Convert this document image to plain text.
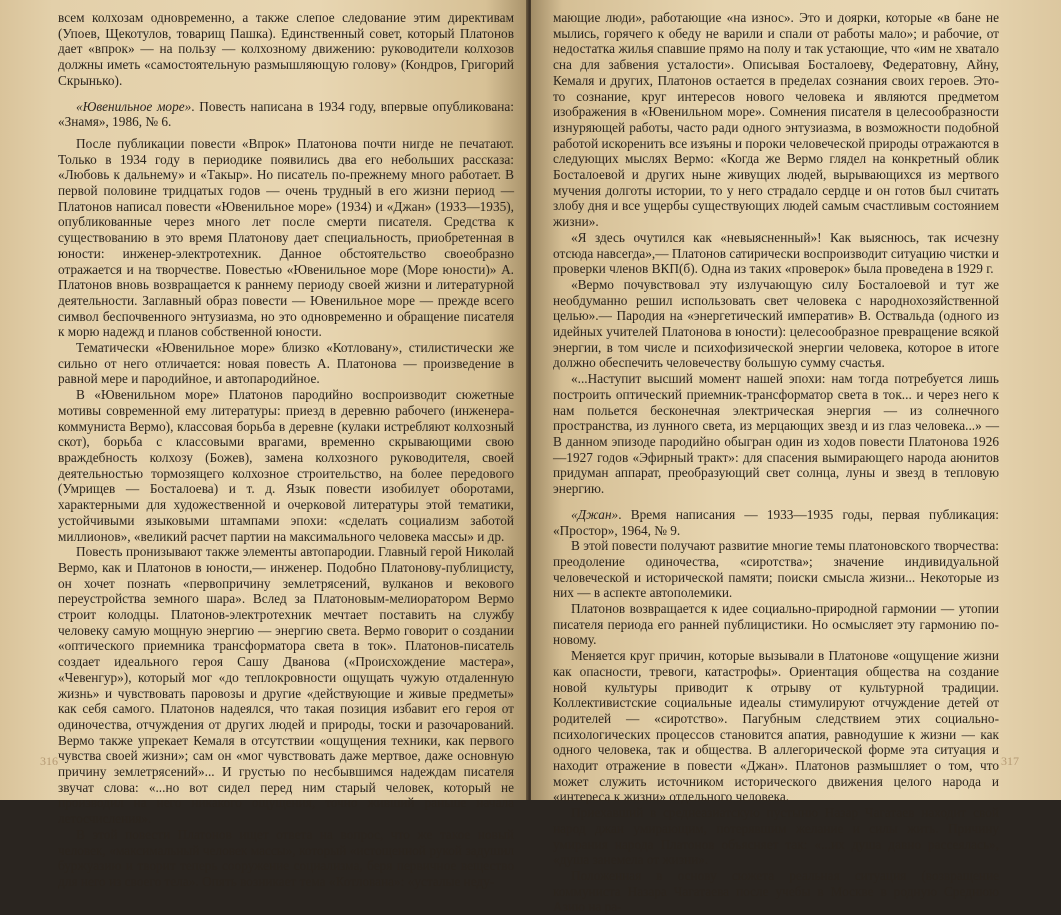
всем колхозам одновременно, а также слепое следование этим директивам (Упоев, Щекотулов, товарищ Пашка). Единственный совет, который Платонов дает «впрок» — на пользу — колхозному движению: руководители колхозов должны иметь «самостоятельную размышляющую голову» (Кондров, Григорий Скрынько).

«Ювенильное море». Повесть написана в 1934 году, впервые опубликована: «Знамя», 1986, № 6.

После публикации повести «Впрок» Платонова почти нигде не печатают. Только в 1934 году в периодике появились два его небольших рассказа: «Любовь к дальнему» и «Такыр». Но писатель по-прежнему много работает. В первой половине тридцатых годов — очень трудный в его жизни период — Платонов написал повести «Ювенильное море» (1934) и «Джан» (1933—1935), опубликованные через много лет после смерти писателя. Средства к существованию в это время Платонову дает специальность, приобретенная в юности: инженер-электротехник. Данное обстоятельство своеобразно отражается и на творчестве. Повестью «Ювенильное море (Море юности)» А. Платонов вновь возвращается к раннему периоду своей жизни и литературной деятельности. Заглавный образ повести — Ювенильное море — прежде всего символ беспочвенного энтузиазма, но это одновременно и обращение писателя к морю надежд и планов собственной юности.

Тематически «Ювенильное море» близко «Котловану», стилистически же сильно от него отличается: новая повесть А. Платонова — произведение в равной мере и пародийное, и автопародийное.

В «Ювенильном море» Платонов пародийно воспроизводит сюжетные мотивы современной ему литературы: приезд в деревню рабочего (инженера-коммуниста Вермо), классовая борьба в деревне (кулаки истребляют колхозный скот), борьба с классовыми врагами, временно скрывающими свою враждебность колхозу (Божев), замена колхозного руководителя, своей деятельностью тормозящего колхозное строительство, на более передового (Умрищев — Босталоева) и т. д. Язык повести изобилует оборотами, характерными для художественной и очерковой литературы этой тематики, устойчивыми языковыми штампами эпохи: «сделать социализм заботой миллионов», «великий расчет партии на максимального человека массы» и др.

Повесть пронизывают также элементы автопародии. Главный герой Николай Вермо, как и Платонов в юности,— инженер. Подобно Платонову-публицисту, он хочет познать «первопричину землетрясений, вулканов и векового переустройства земного шара». Вслед за Платоновым-мелиоратором Вермо строит колодцы. Платонов-электротехник мечтает поставить на службу человеку самую мощную энергию — энергию света. Вермо говорит о создании «оптического приемника трансформатора света в ток». Платонов-писатель создает идеального героя Сашу Дванова («Происхождение мастера», «Чевенгур»), который мог «до теплокровности ощущать чужую отдаленную жизнь» и чувствовать паровозы и другие «действующие и живые предметы» как себя самого. Платонов надеялся, что такая позиция избавит его героя от одиночества, отчуждения от других людей и природы, тоски и разочарований. Вермо также упрекает Кемаля в отсутствии «ощущения техники, как первого чувства своей жизни»; сам он «мог чувствовать даже мертвое, даже основную причину землетрясений»... И грустью по несбывшимся надеждам писателя звучат слова: «...но вот сидел перед ним старый человек, который не производил на него никакого ощущения, точно живший раньше начала летосчисления».

В этой повести Платонов ищет ответа на вопрос, что же такое новый человек, «максимальный человек массы», который «истощенной рукой задушил буржуазию и творит теперь сооружение социализма, беря первичное вещество для него из своего тела». Опять возникает тема «Котлована»: «усталые неду-

316

мающие люди», работающие «на износ». Это и доярки, которые «в бане не мылись, горячего к обеду не варили и спали от работы мало»; и рабочие, от недостатка жилья спавшие прямо на полу и так устающие, что «им не хватало сна для забвения усталости». Описывая Босталоеву, Федератовну, Айну, Кемаля и других, Платонов остается в пределах сознания своих героев. Это-то сознание, круг интересов нового человека и являются предметом изображения в «Ювенильном море». Сомнения писателя в целесообразности изнуряющей работы, часто ради одного энтузиазма, в возможности подобной работой искоренить все изъяны и пороки человеческой природы отражаются в следующих мыслях Вермо: «Когда же Вермо глядел на конкретный облик Босталоевой и других ныне живущих людей, вырывающихся из мертвого мучения долготы истории, то у него страдало сердце и он готов был считать злобу дня и все ущербы существующих людей самым счастливым состоянием жизни».

«Я здесь очутился как «невыясненный»! Как выяснюсь, так исчезну отсюда навсегда»,— Платонов сатирически воспроизводит ситуацию чистки и проверки членов ВКП(б). Одна из таких «проверок» была проведена в 1929 г.

«Вермо почувствовал эту излучающую силу Босталоевой и тут же необдуманно решил использовать свет человека с народнохозяйственной целью».— Пародия на «энергетический императив» В. Оствальда (одного из идейных учителей Платонова в юности): целесообразное превращение всякой энергии, в том числе и психофизической энергии человека, которое в итоге должно обеспечить человечеству большую сумму счастья.

«...Наступит высший момент нашей эпохи: нам тогда потребуется лишь построить оптический приемник-трансформатор света в ток... и через него к нам польется бесконечная электрическая энергия — из солнечного пространства, из лунного света, из мерцающих звезд и из глаз человека...» — В данном эпизоде пародийно обыгран один из ходов повести Платонова 1926—1927 годов «Эфирный тракт»: для спасения вымирающего народа аюнитов придуман аппарат, преобразующий свет солнца, луны и звезд в тепловую энергию.

«Джан». Время написания — 1933—1935 годы, первая публикация: «Простор», 1964, № 9.

В этой повести получают развитие многие темы платоновского творчества: преодоление одиночества, «сиротства»; значение индивидуальной человеческой и исторической памяти; поиски смысла жизни... Некоторые из них — в аспекте автополемики.

Платонов возвращается к идее социально-природной гармонии — утопии писателя периода его ранней публицистики. Но осмысляет эту гармонию по-новому.

Меняется круг причин, которые вызывали в Платонове «ощущение жизни как опасности, тревоги, катастрофы». Ориентация общества на создание новой культуры приводит к отрыву от культурной традиции. Коллективистские социальные идеалы стимулируют отчуждение детей от родителей — «сиротство». Пагубным следствием этих социально-психологических процессов становится апатия, равнодушие к жизни — как одного человека, так и общества. В аллегорической форме эта ситуация и находит отражение в повести «Джан». Платонов размышляет о том, что может служить источником исторического движения целого народа и «интереса к жизни» отдельного человека.

Приехавший в среднеазиатскую пустыню Назар Чагатаев находит свой народ джан умирающим, потерявшим желание и силы жить. Причину умирания народа Платонов объясняет так: «...их душа давно рассеялась», «душа занемела от жизни».

Положенная в основу сюжета реальная ситуация (возвращение коммуниста Назара Чагатаева после учебы в Москве в родную Среднюю Азию на ра-

317
